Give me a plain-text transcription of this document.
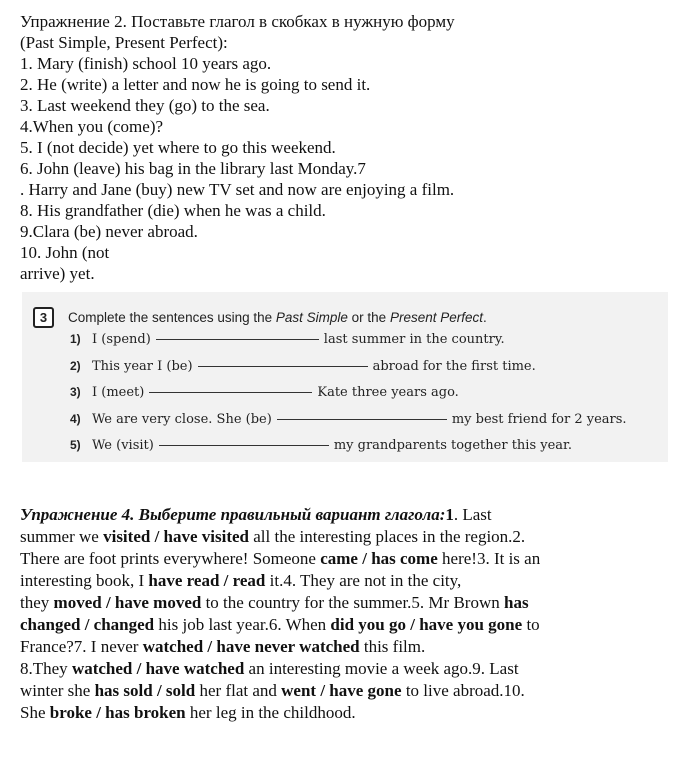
Упражнение 2. Поставьте глагол в скобках в нужную форму
(Past Simple, Present Perfect):
1. Mary (finish) school 10 years ago.
2. He (write) a letter and now he is going to send it.
3. Last weekend they (go) to the sea.
4.When you (come)?
5. I (not decide) yet where to go this weekend.
6. John (leave) his bag in the library last Monday.7
. Harry and Jane (buy) new TV set and now are enjoying a film.
8. His grandfather (die) when he was a child.
9.Clara (be) never abroad.
10. John (not
arrive) yet.
3	Complete the sentences using the Past Simple or the Present Perfect.
1) I (spend)	last summer in the country.
2) This year I (be)	abroad for the first time.
3) I (meet)	Kate three years ago.
4) We are very close. She (be)	my best friend for 2 years.
5) We (visit)	my grandparents together this year.
Упражнение 4. Выберите правильный вариант глагола:1. Last
summer we visited / have visited all the interesting places in the region.2.
There are foot prints everywhere! Someone came / has come here!3. It is an
interesting book, I have read / read it.4. They are not in the city,
they moved / have moved to the country for the summer.5. Mr Brown has
changed / changed his job last year.6. When did you go / have you gone to
France?7. I never watched / have never watched this film.
8.They watched / have watched an interesting movie a week ago.9. Last
winter she has sold / sold her flat and went / have gone to live abroad.10.
She broke / has broken her leg in the childhood.
